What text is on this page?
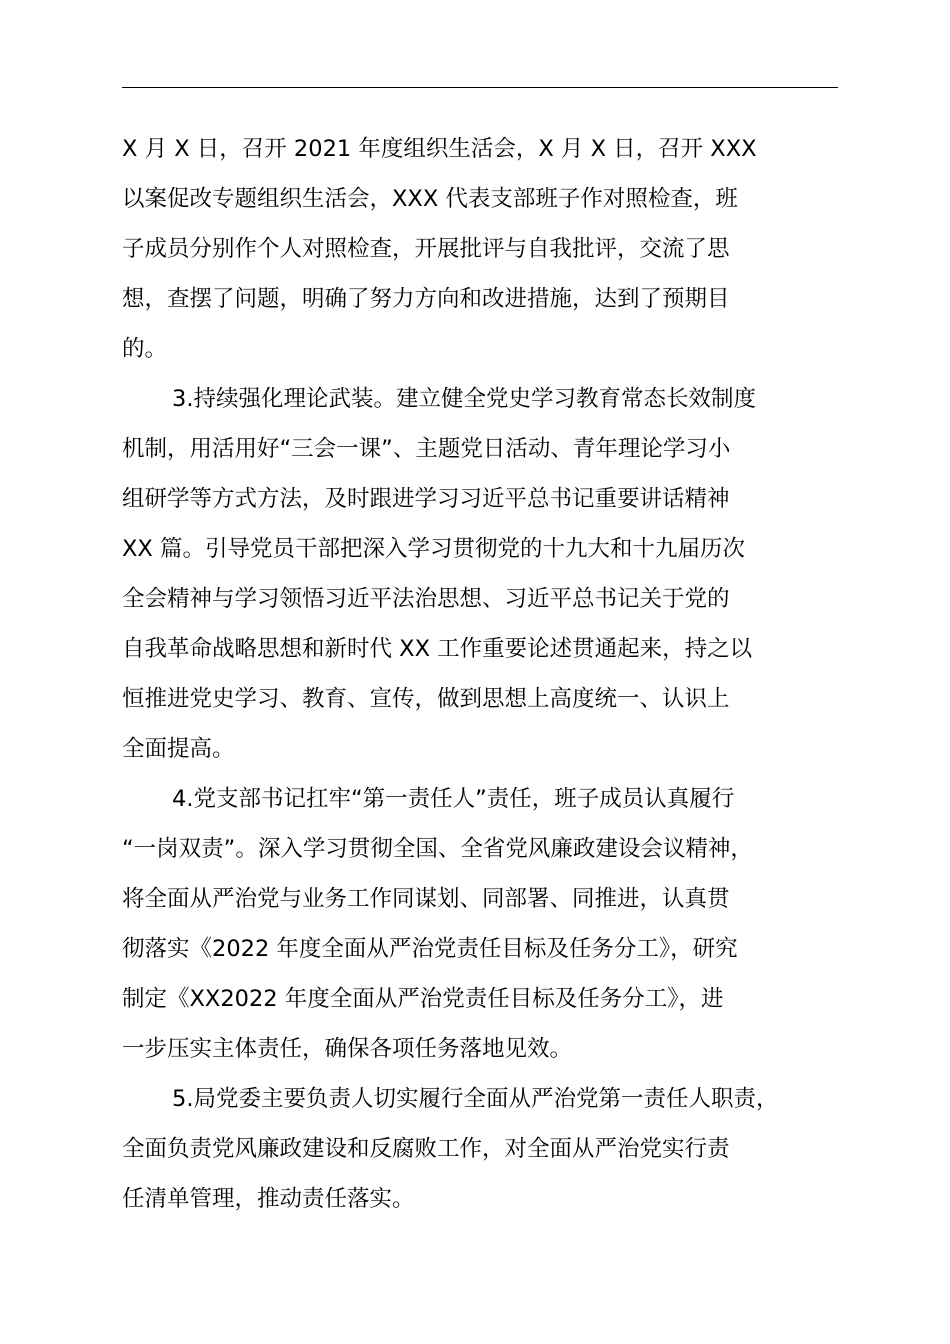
X 月 X 日，召开 2021 年度组织生活会，X 月 X 日，召开 XXX
以案促改专题组织生活会，XXX 代表支部班子作对照检查，班
子成员分别作个人对照检查，开展批评与自我批评，交流了思
想，查摆了问题，明确了努力方向和改进措施，达到了预期目
的。
3.持续强化理论武装。建立健全党史学习教育常态长效制度
机制，用活用好“三会一课”、主题党日活动、青年理论学习小
组研学等方式方法，及时跟进学习习近平总书记重要讲话精神
XX 篇。引导党员干部把深入学习贯彻党的十九大和十九届历次
全会精神与学习领悟习近平法治思想、习近平总书记关于党的
自我革命战略思想和新时代 XX 工作重要论述贯通起来，持之以
恒推进党史学习、教育、宣传，做到思想上高度统一、认识上
全面提高。
4.党支部书记扛牢“第一责任人”责任，班子成员认真履行
“一岗双责”。深入学习贯彻全国、全省党风廉政建设会议精神，
将全面从严治党与业务工作同谋划、同部署、同推进，认真贯
彻落实《2022 年度全面从严治党责任目标及任务分工》，研究
制定《XX2022 年度全面从严治党责任目标及任务分工》，进
一步压实主体责任，确保各项任务落地见效。
5.局党委主要负责人切实履行全面从严治党第一责任人职责，
全面负责党风廉政建设和反腐败工作，对全面从严治党实行责
任清单管理，推动责任落实。
